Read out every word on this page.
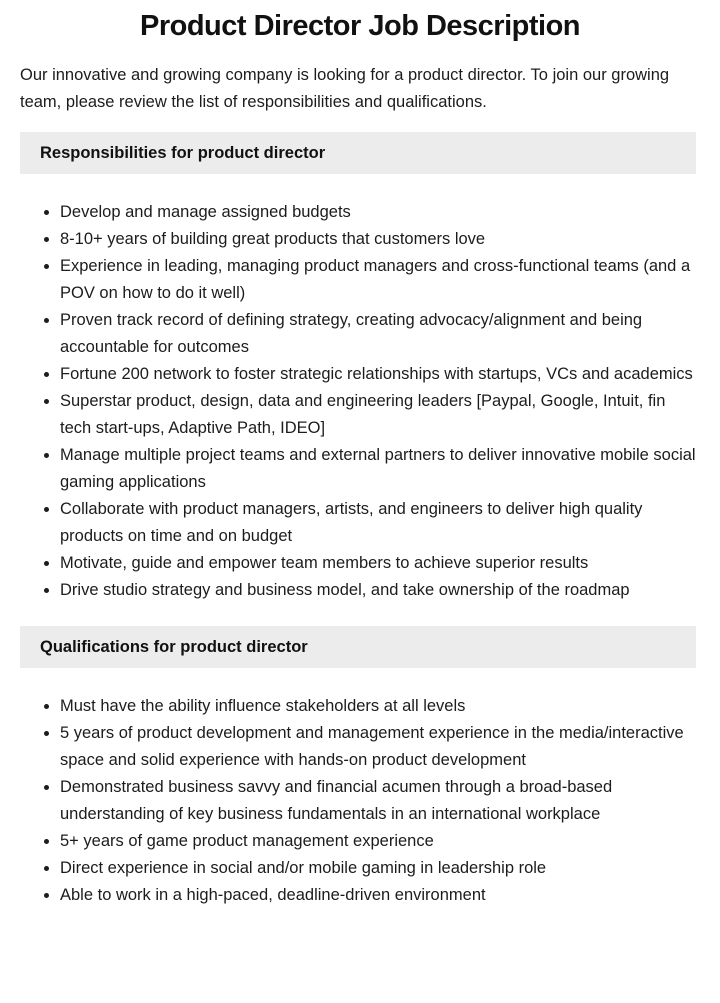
Product Director Job Description

Our innovative and growing company is looking for a product director. To join our growing team, please review the list of responsibilities and qualifications.

Responsibilities for product director
• Develop and manage assigned budgets
• 8-10+ years of building great products that customers love
• Experience in leading, managing product managers and cross-functional teams (and a POV on how to do it well)
• Proven track record of defining strategy, creating advocacy/alignment and being accountable for outcomes
• Fortune 200 network to foster strategic relationships with startups, VCs and academics
• Superstar product, design, data and engineering leaders [Paypal, Google, Intuit, fin tech start-ups, Adaptive Path, IDEO]
• Manage multiple project teams and external partners to deliver innovative mobile social gaming applications
• Collaborate with product managers, artists, and engineers to deliver high quality products on time and on budget
• Motivate, guide and empower team members to achieve superior results
• Drive studio strategy and business model, and take ownership of the roadmap
Qualifications for product director
• Must have the ability influence stakeholders at all levels
• 5 years of product development and management experience in the media/interactive space and solid experience with hands-on product development
• Demonstrated business savvy and financial acumen through a broad-based understanding of key business fundamentals in an international workplace
• 5+ years of game product management experience
• Direct experience in social and/or mobile gaming in leadership role
• Able to work in a high-paced, deadline-driven environment
